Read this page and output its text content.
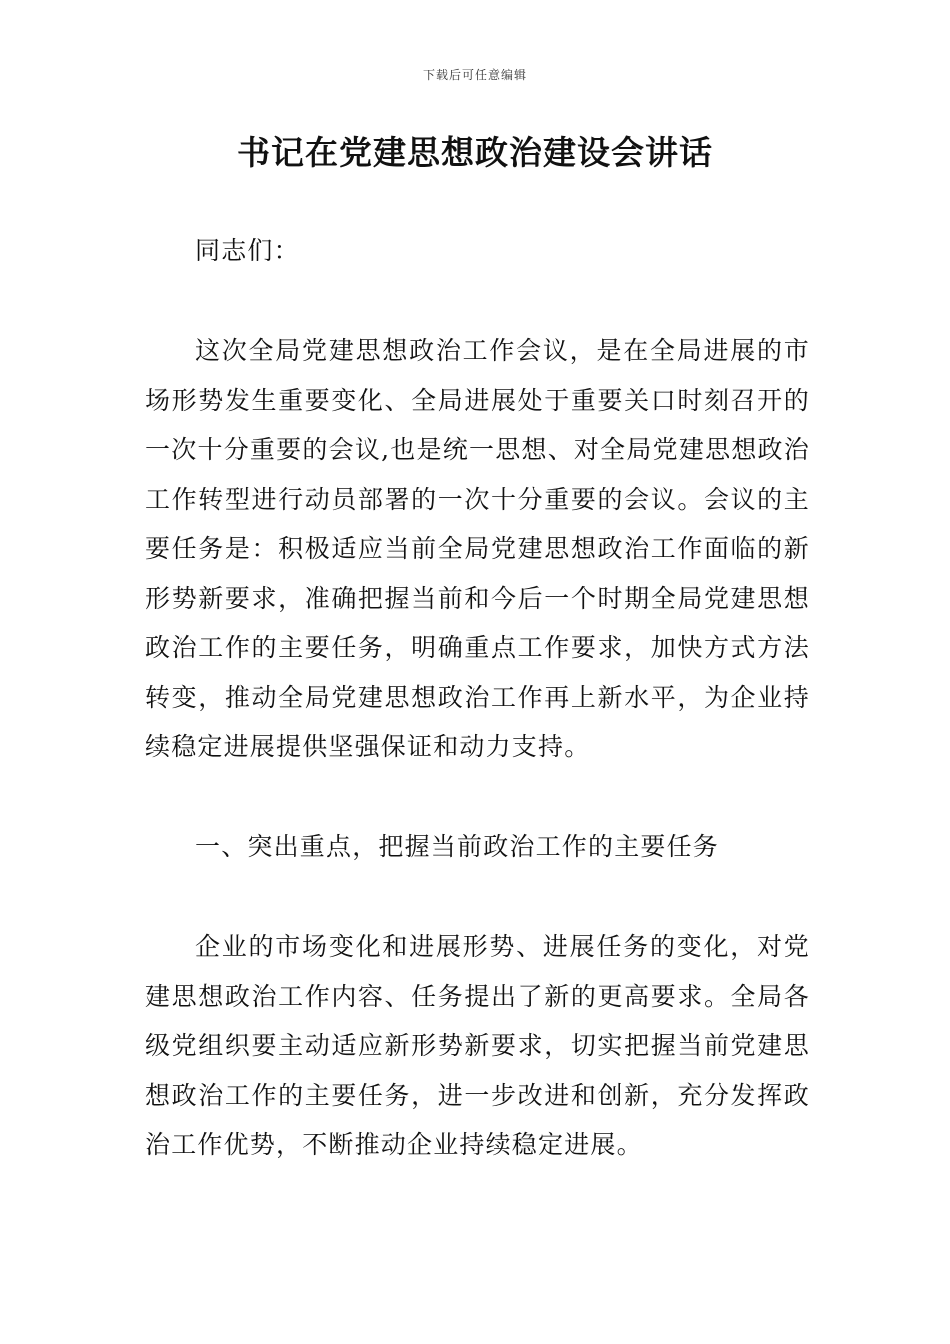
下载后可任意编辑
书记在党建思想政治建设会讲话

同志们：

这次全局党建思想政治工作会议，是在全局进展的市场形势发生重要变化、全局进展处于重要关口时刻召开的一次十分重要的会议,也是统一思想、对全局党建思想政治工作转型进行动员部署的一次十分重要的会议。会议的主要任务是：积极适应当前全局党建思想政治工作面临的新形势新要求，准确把握当前和今后一个时期全局党建思想政治工作的主要任务，明确重点工作要求，加快方式方法转变，推动全局党建思想政治工作再上新水平，为企业持续稳定进展提供坚强保证和动力支持。

一、突出重点，把握当前政治工作的主要任务

企业的市场变化和进展形势、进展任务的变化，对党建思想政治工作内容、任务提出了新的更高要求。全局各级党组织要主动适应新形势新要求，切实把握当前党建思想政治工作的主要任务，进一步改进和创新，充分发挥政治工作优势，不断推动企业持续稳定进展。
